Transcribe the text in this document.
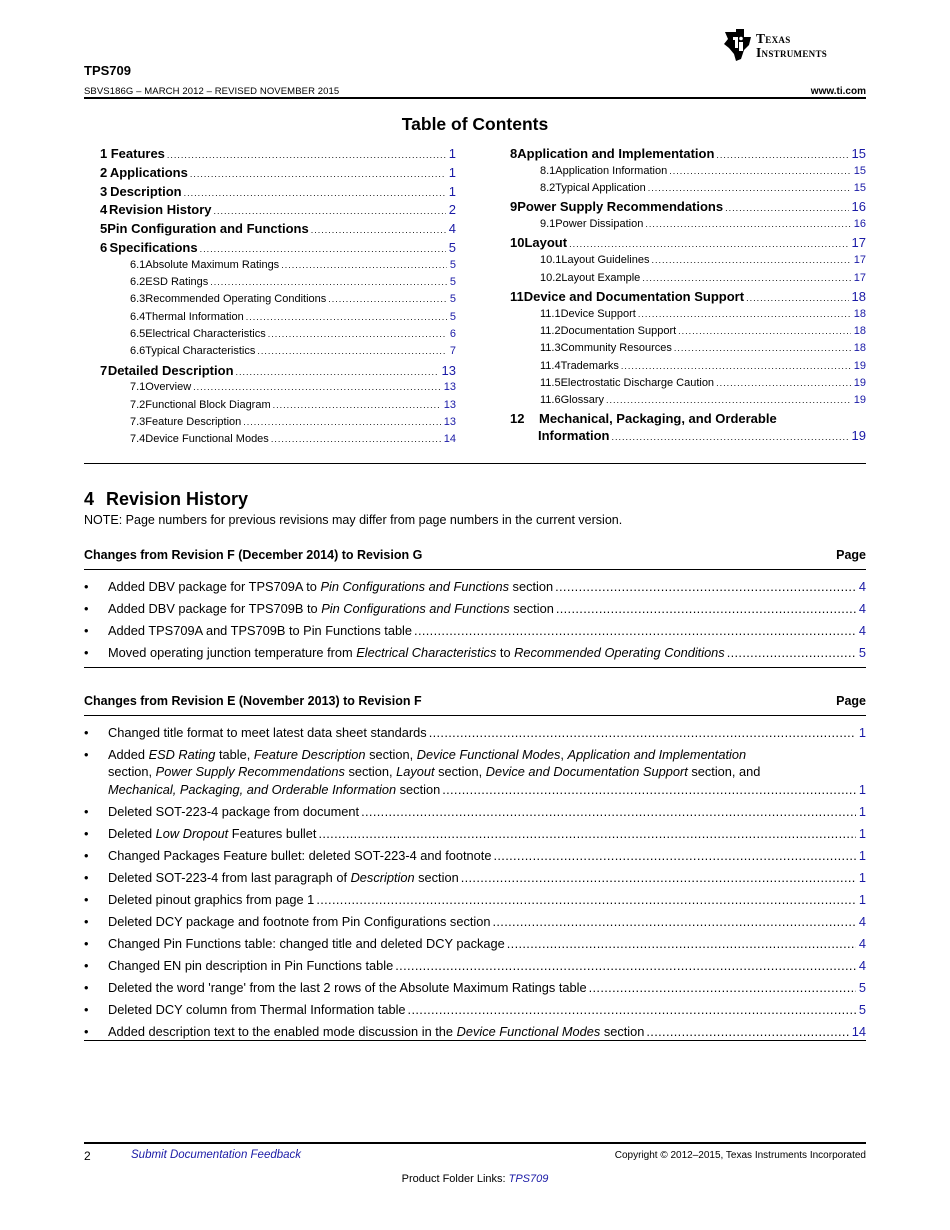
Texas
Instruments
TPS709
SBVS186G – MARCH 2012 – REVISED NOVEMBER 2015	www.ti.com
Table of Contents
1 Features .....	1
2 Applications .....	1
3 Description .....	1
4 Revision History .....	2
5 Pin Configuration and Functions .....	4
6 Specifications .....	5
6.1 Absolute Maximum Ratings .....	5
6.2 ESD Ratings .....	5
6.3 Recommended Operating Conditions .....	5
6.4 Thermal Information .....	5
6.5 Electrical Characteristics .....	6
6.6 Typical Characteristics .....	7
7 Detailed Description .....	13
7.1 Overview .....	13
7.2 Functional Block Diagram .....	13
7.3 Feature Description .....	13
7.4 Device Functional Modes .....	14
8 Application and Implementation .....	15
8.1 Application Information .....	15
8.2 Typical Application .....	15
9 Power Supply Recommendations .....	16
9.1 Power Dissipation .....	16
10 Layout .....	17
10.1 Layout Guidelines .....	17
10.2 Layout Example .....	17
11 Device and Documentation Support .....	18
11.1 Device Support .....	18
11.2 Documentation Support .....	18
11.3 Community Resources .....	18
11.4 Trademarks .....	19
11.5 Electrostatic Discharge Caution .....	19
11.6 Glossary .....	19
12	Mechanical, Packaging, and Orderable
Information .....	19
4 Revision History
NOTE: Page numbers for previous revisions may differ from page numbers in the current version.
Changes from Revision F (December 2014) to Revision G	Page
• Added DBV package for TPS709A to Pin Configurations and Functions section . . .	4
• Added DBV package for TPS709B to Pin Configurations and Functions section . . .	4
• Added TPS709A and TPS709B to Pin Functions table . . .	4
• Moved operating junction temperature from Electrical Characteristics to Recommended Operating Conditions . . .	5
Changes from Revision E (November 2013) to Revision F	Page
• Changed title format to meet latest data sheet standards . . .	1
• Added ESD Rating table, Feature Description section, Device Functional Modes, Application and Implementation
section, Power Supply Recommendations section, Layout section, Device and Documentation Support section, and
Mechanical, Packaging, and Orderable Information section . . .	1
• Deleted SOT-223-4 package from document . . .	1
• Deleted Low Dropout Features bullet . . .	1
• Changed Packages Feature bullet: deleted SOT-223-4 and footnote . . .	1
• Deleted SOT-223-4 from last paragraph of Description section . . .	1
• Deleted pinout graphics from page 1 . . .	1
• Deleted DCY package and footnote from Pin Configurations section . . .	4
• Changed Pin Functions table: changed title and deleted DCY package . . .	4
• Changed EN pin description in Pin Functions table . . .	4
• Deleted the word 'range' from the last 2 rows of the Absolute Maximum Ratings table . . .	5
• Deleted DCY column from Thermal Information table . . .	5
• Added description text to the enabled mode discussion in the Device Functional Modes section . . .	14
2	Submit Documentation Feedback	Copyright © 2012–2015, Texas Instruments Incorporated
Product Folder Links: TPS709
